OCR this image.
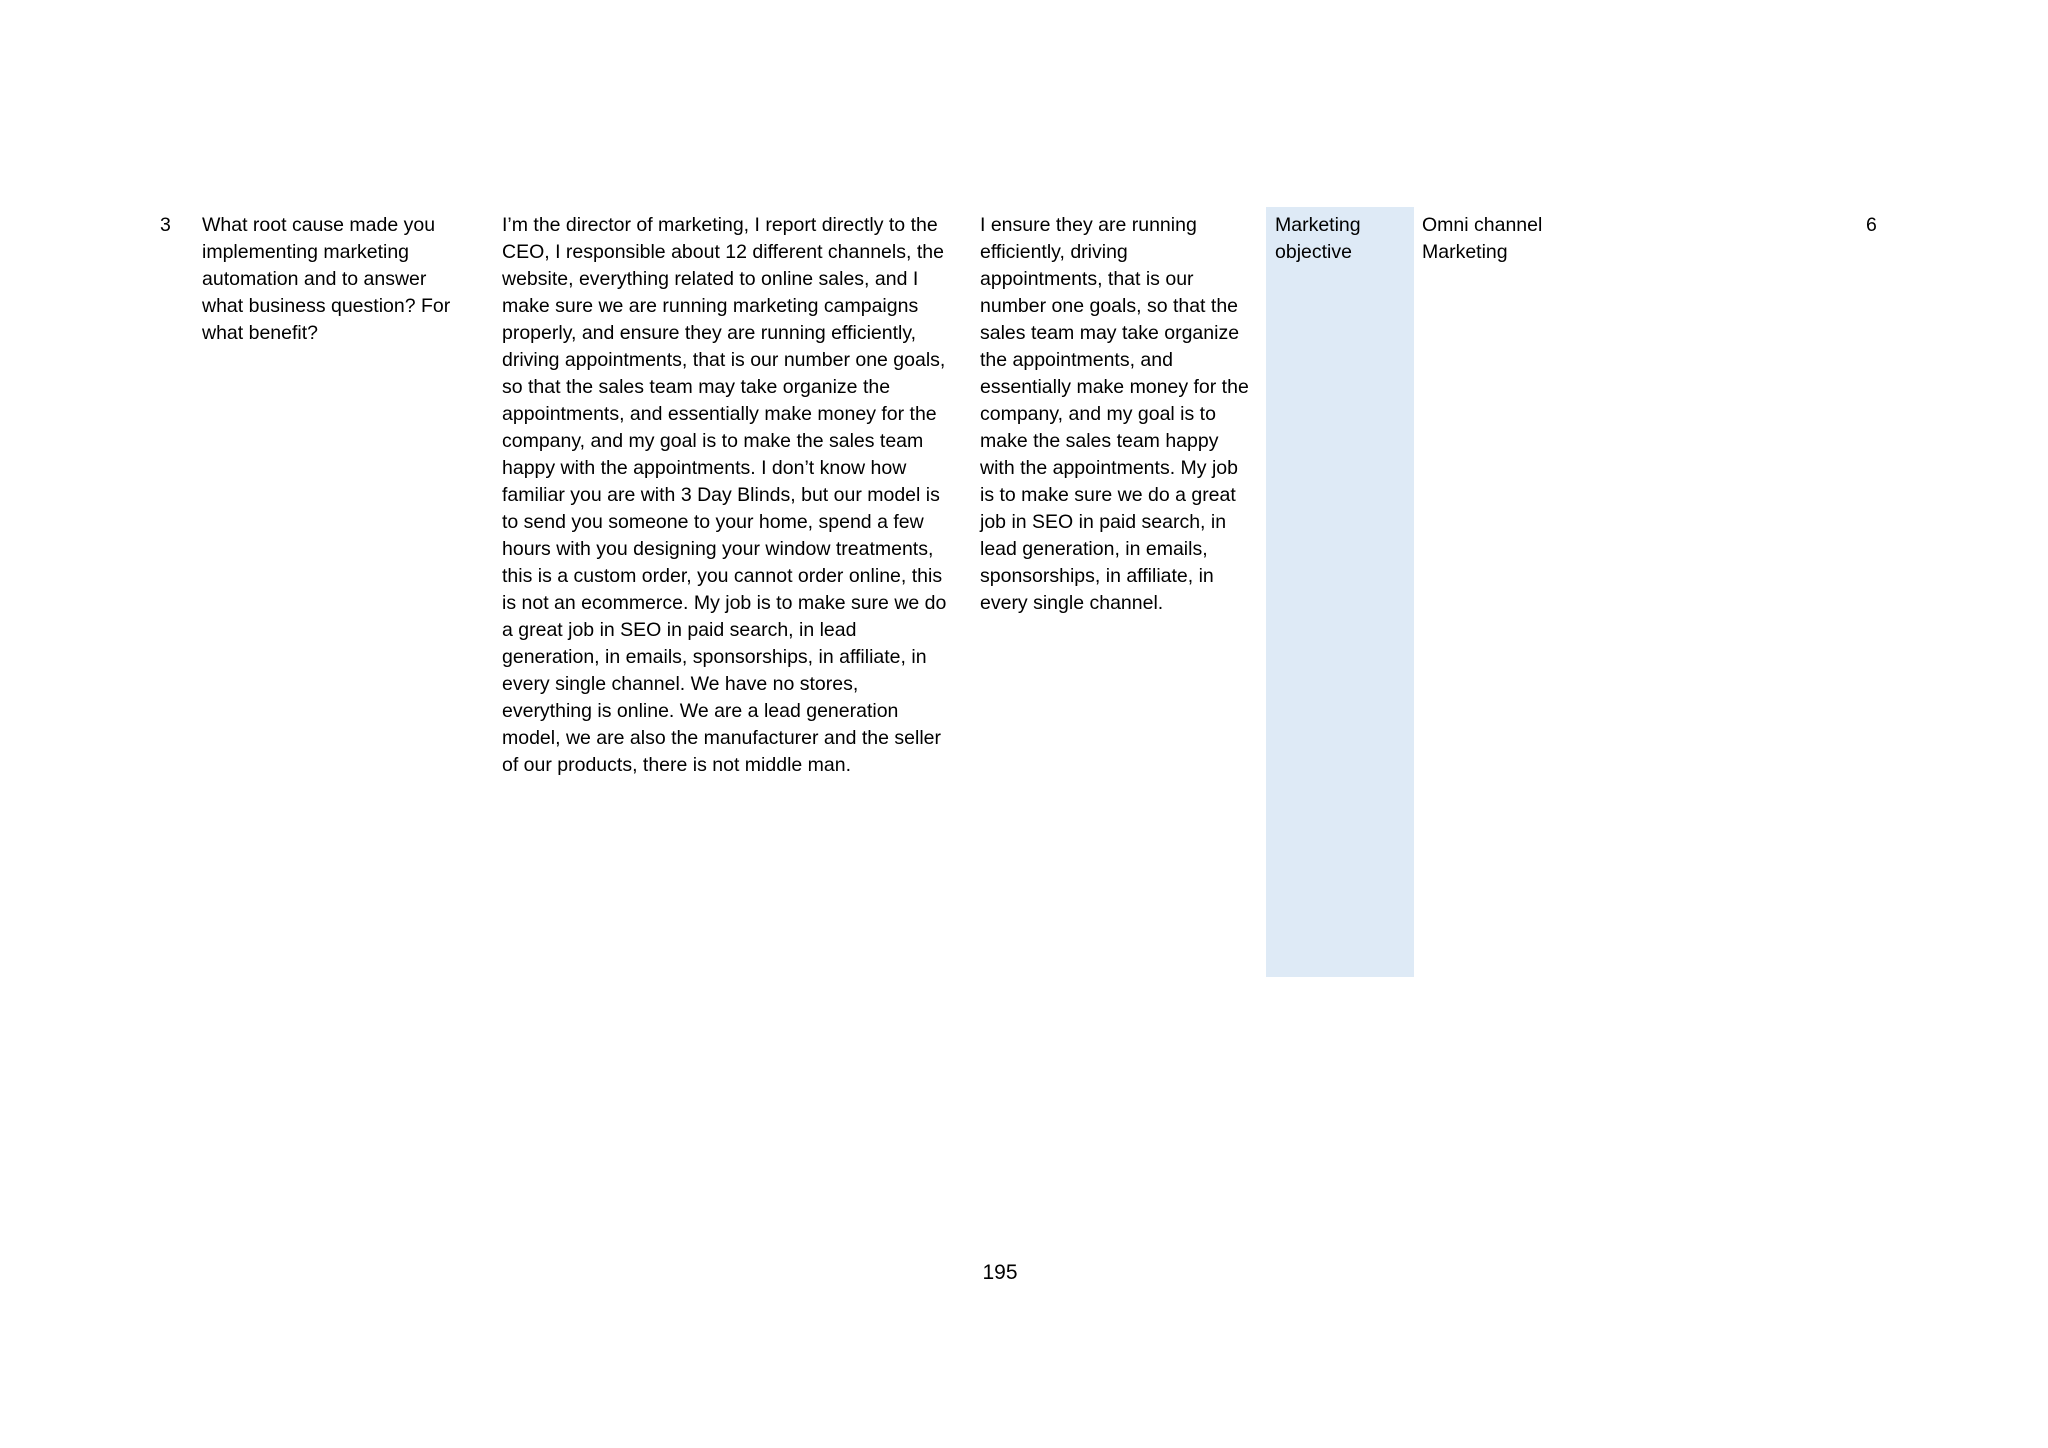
3	What root cause made you implementing marketing automation and to answer what business question? For what benefit?

I’m the director of marketing, I report directly to the CEO, I responsible about 12 different channels, the website, everything related to online sales, and I make sure we are running marketing campaigns properly, and ensure they are running efficiently, driving appointments, that is our number one goals, so that the sales team may take organize the appointments, and essentially make money for the company, and my goal is to make the sales team happy with the appointments. I don’t know how familiar you are with 3 Day Blinds, but our model is to send you someone to your home, spend a few hours with you designing your window treatments, this is a custom order, you cannot order online, this is not an ecommerce. My job is to make sure we do a great job in SEO in paid search, in lead generation, in emails, sponsorships, in affiliate, in every single channel. We have no stores, everything is online. We are a lead generation model, we are also the manufacturer and the seller of our products, there is not middle man.

I ensure they are running efficiently, driving appointments, that is our number one goals, so that the sales team may take organize the appointments, and essentially make money for the company, and my goal is to make the sales team happy with the appointments. My job is to make sure we do a great job in SEO in paid search, in lead generation, in emails, sponsorships, in affiliate, in every single channel.

Marketing objective

Omni channel Marketing

6

195
